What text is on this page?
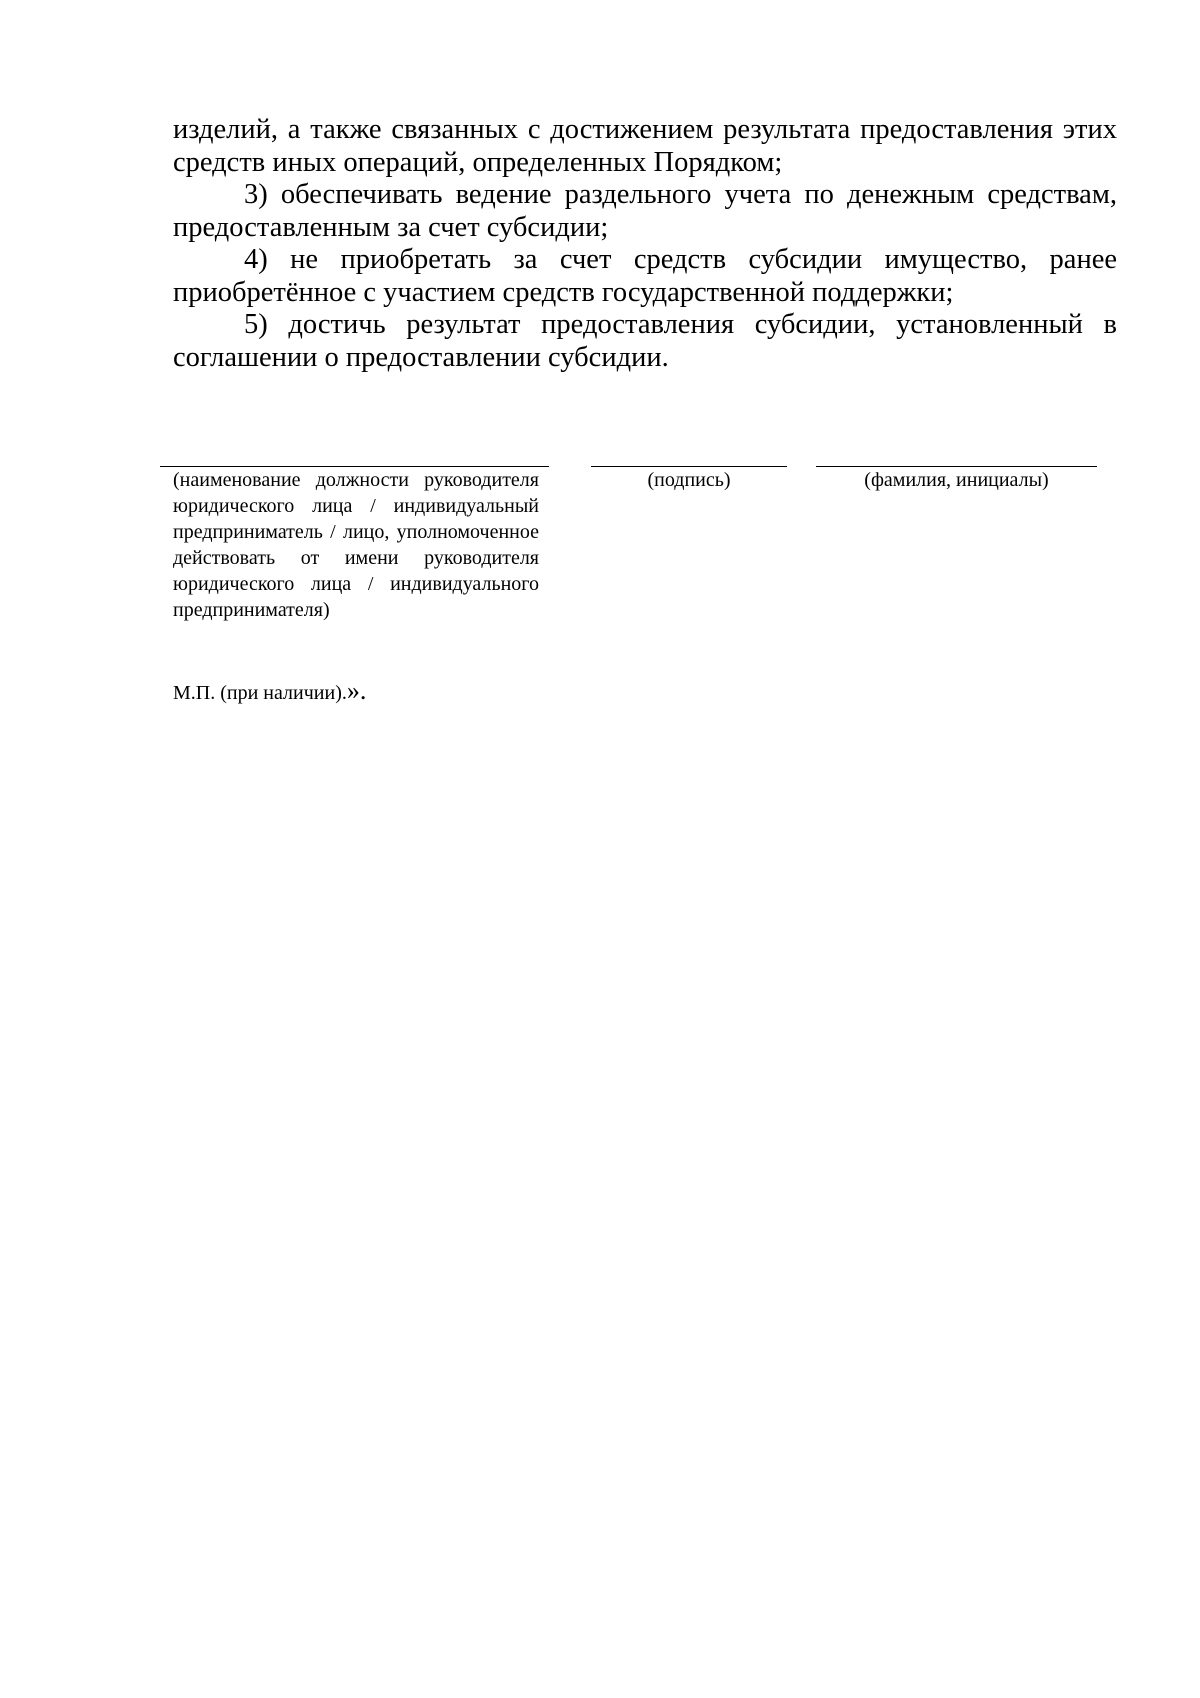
изделий, а также связанных с достижением результата предоставления этих средств иных операций, определенных Порядком;

3) обеспечивать ведение раздельного учета по денежным средствам, предоставленным за счет субсидии;

4) не приобретать за счет средств субсидии имущество, ранее приобретённое с участием средств государственной поддержки;

5) достичь результат предоставления субсидии, установленный в соглашении о предоставлении субсидии.

(наименование должности руководителя юридического лица / индивидуальный предприниматель / лицо, уполномоченное действовать от имени руководителя юридического лица / индивидуального предпринимателя)
(подпись)	(фамилия, инициалы)
М.П. (при наличии).».
